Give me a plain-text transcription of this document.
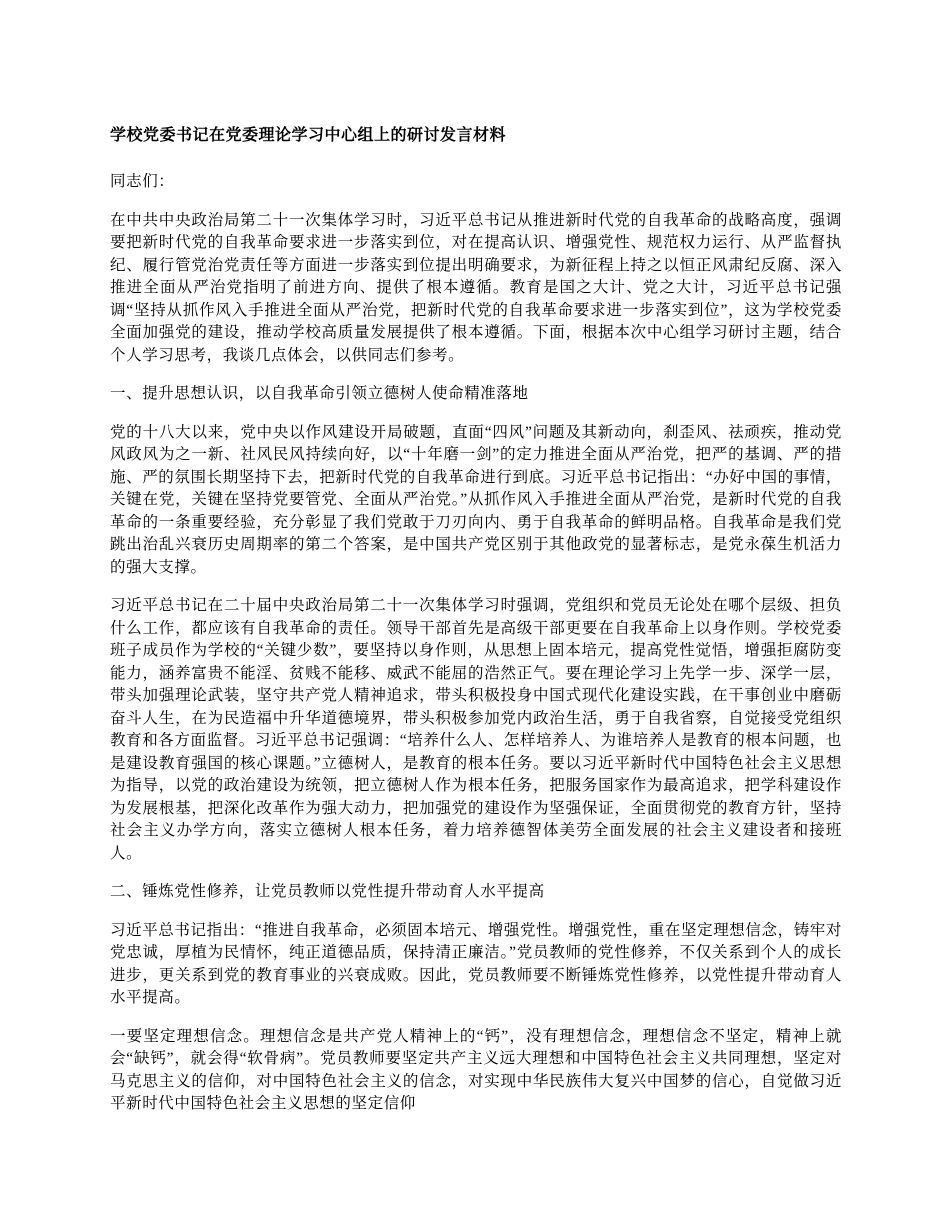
学校党委书记在党委理论学习中心组上的研讨发言材料

同志们：

在中共中央政治局第二十一次集体学习时，习近平总书记从推进新时代党的自我革命的战略高度，强调要把新时代党的自我革命要求进一步落实到位，对在提高认识、增强党性、规范权力运行、从严监督执纪、履行管党治党责任等方面进一步落实到位提出明确要求，为新征程上持之以恒正风肃纪反腐、深入推进全面从严治党指明了前进方向、提供了根本遵循。教育是国之大计、党之大计，习近平总书记强调“坚持从抓作风入手推进全面从严治党，把新时代党的自我革命要求进一步落实到位”，这为学校党委全面加强党的建设，推动学校高质量发展提供了根本遵循。下面，根据本次中心组学习研讨主题，结合个人学习思考，我谈几点体会，以供同志们参考。

一、提升思想认识，以自我革命引领立德树人使命精准落地

党的十八大以来，党中央以作风建设开局破题，直面“四风”问题及其新动向，刹歪风、祛顽疾，推动党风政风为之一新、社风民风持续向好，以“十年磨一剑”的定力推进全面从严治党，把严的基调、严的措施、严的氛围长期坚持下去，把新时代党的自我革命进行到底。习近平总书记指出：“办好中国的事情，关键在党，关键在坚持党要管党、全面从严治党。”从抓作风入手推进全面从严治党，是新时代党的自我革命的一条重要经验，充分彰显了我们党敢于刀刃向内、勇于自我革命的鲜明品格。自我革命是我们党跳出治乱兴衰历史周期率的第二个答案，是中国共产党区别于其他政党的显著标志，是党永葆生机活力的强大支撑。

习近平总书记在二十届中央政治局第二十一次集体学习时强调，党组织和党员无论处在哪个层级、担负什么工作，都应该有自我革命的责任。领导干部首先是高级干部更要在自我革命上以身作则。学校党委班子成员作为学校的“关键少数”，要坚持以身作则，从思想上固本培元，提高党性觉悟，增强拒腐防变能力，涵养富贵不能淫、贫贱不能移、威武不能屈的浩然正气。要在理论学习上先学一步、深学一层，带头加强理论武装，坚守共产党人精神追求，带头积极投身中国式现代化建设实践，在干事创业中磨砺奋斗人生，在为民造福中升华道德境界，带头积极参加党内政治生活，勇于自我省察，自觉接受党组织教育和各方面监督。习近平总书记强调：“培养什么人、怎样培养人、为谁培养人是教育的根本问题，也是建设教育强国的核心课题。”立德树人，是教育的根本任务。要以习近平新时代中国特色社会主义思想为指导，以党的政治建设为统领，把立德树人作为根本任务，把服务国家作为最高追求，把学科建设作为发展根基，把深化改革作为强大动力，把加强党的建设作为坚强保证，全面贯彻党的教育方针，坚持社会主义办学方向，落实立德树人根本任务，着力培养德智体美劳全面发展的社会主义建设者和接班人。

二、锤炼党性修养，让党员教师以党性提升带动育人水平提高

习近平总书记指出：“推进自我革命，必须固本培元、增强党性。增强党性，重在坚定理想信念，铸牢对党忠诚，厚植为民情怀，纯正道德品质，保持清正廉洁。”党员教师的党性修养，不仅关系到个人的成长进步，更关系到党的教育事业的兴衰成败。因此，党员教师要不断锤炼党性修养，以党性提升带动育人水平提高。

一要坚定理想信念。理想信念是共产党人精神上的“钙”，没有理想信念，理想信念不坚定，精神上就会“缺钙”，就会得“软骨病”。党员教师要坚定共产主义远大理想和中国特色社会主义共同理想，坚定对马克思主义的信仰，对中国特色社会主义的信念，对实现中华民族伟大复兴中国梦的信心，自觉做习近平新时代中国特色社会主义思想的坚定信仰
